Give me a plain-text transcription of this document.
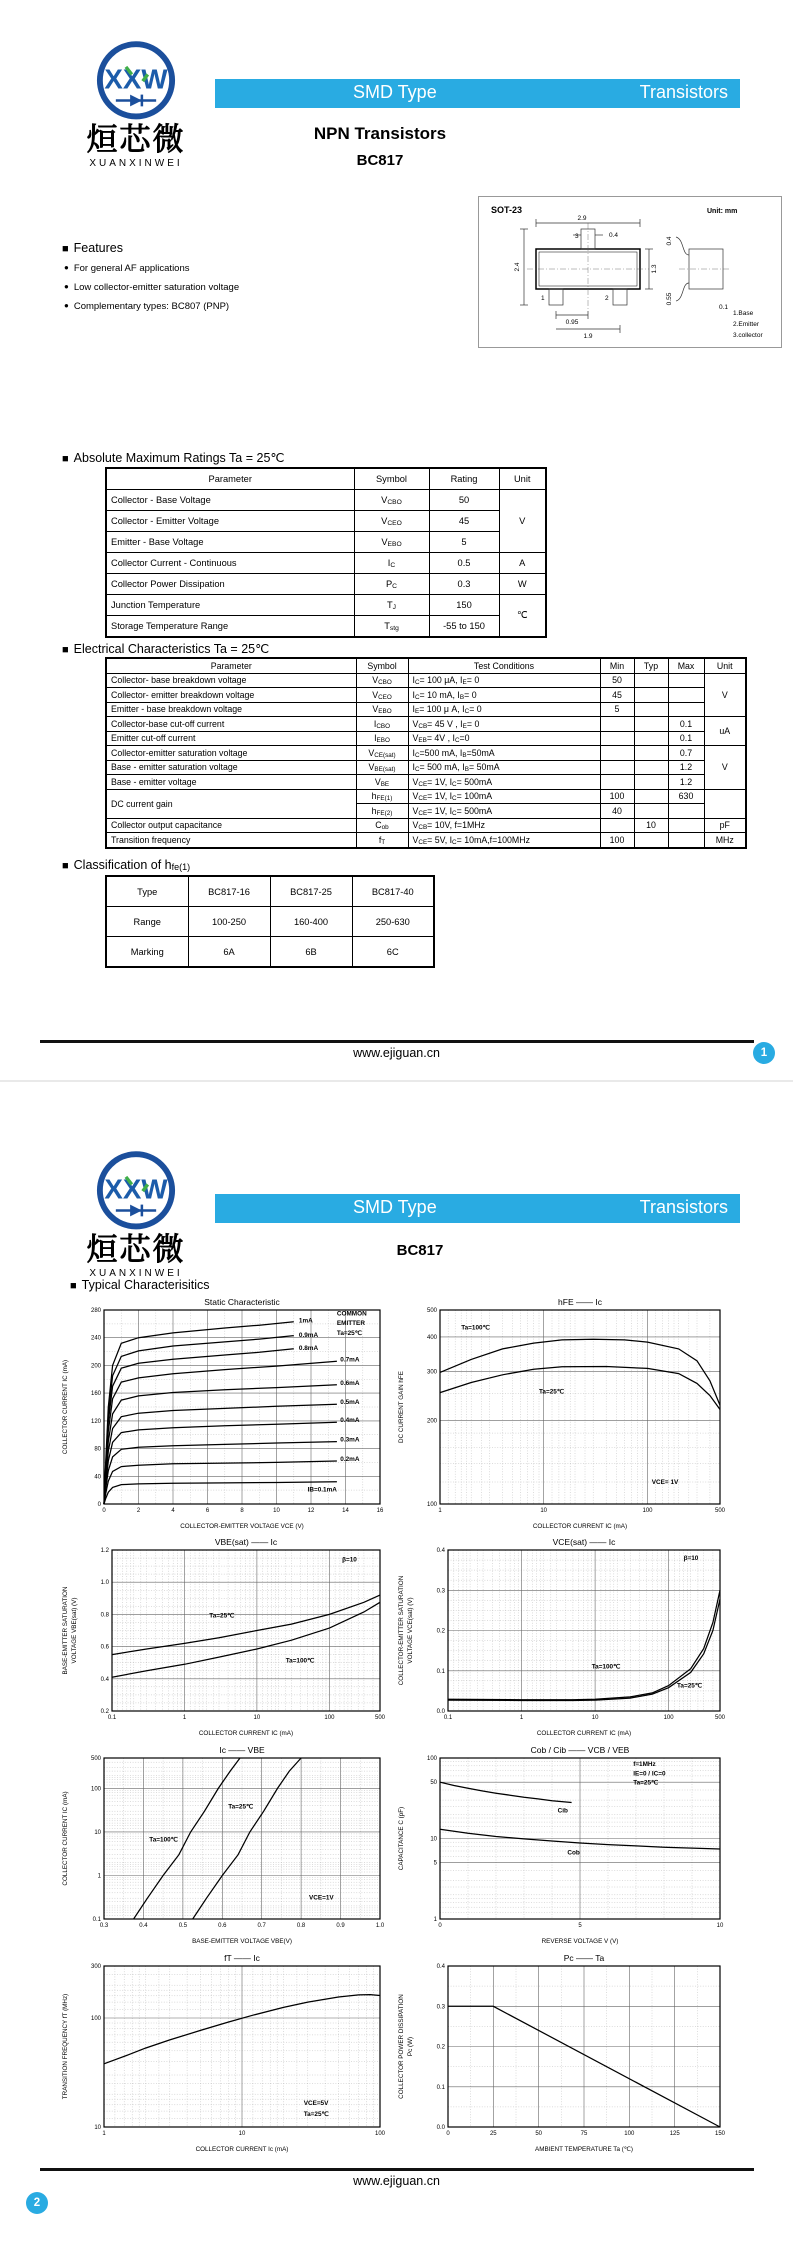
XXW
烜芯微
XUANXINWEI
SMD Type	Transistors
NPN Transistors
BC817
■ Features
● For general AF applications
● Low collector-emitter saturation voltage
● Complementary types: BC807 (PNP)
SOT-23	Unit: mm
3
1	2
2.9
0.4
2.4	1.3
0.95
1.9
0.4
0.55
0.1
1.Base
2.Emitter
3.collector
■ Absolute Maximum Ratings Ta = 25℃
Parameter	Symbol	Rating	Unit
Collector - Base Voltage	$V_{CBO}$	50	V
Collector - Emitter Voltage	$V_{CEO}$	45	
Emitter - Base Voltage	$V_{EBO}$	5	
Collector Current - Continuous	$I_C$	0.5	A
Collector Power Dissipation	$P_C$	0.3	W
Junction Temperature	$T_J$	150	℃
Storage Temperature Range	$T_{stg}$	-55 to 150	
■ Electrical Characteristics Ta = 25℃
Parameter	Symbol	Test Conditions	Min	Typ	Max	Unit
Collector- base breakdown voltage	$V_{CBO}$	$I_C= 100$ μA, $I_E= 0$	50			V
Collector- emitter breakdown voltage	$V_{CEO}$	$I_C= 10$ mA, $I_B= 0$	45			
Emitter - base breakdown voltage	$V_{EBO}$	$I_E= 100$ μ A, $I_C= 0$	5			
Collector-base cut-off current	$I_{CBO}$	$V_{CB}= 45$ V , $I_E= 0$			0.1	uA
Emitter cut-off current	$I_{EBO}$	$V_{EB}= 4V$ , $I_C=0$			0.1	
Collector-emitter saturation voltage	$V_{CE(sat)}$	$I_C=500$ mA, $I_B=50mA$			0.7	V
Base - emitter saturation voltage	$V_{BE(sat)}$	$I_C= 500$ mA, $I_B= 50mA$			1.2	
Base - emitter voltage	$V_{BE}$	$V_{CE}= 1V$, $I_C= 500mA$			1.2	
DC current gain	$h_{FE(1)}$	$V_{CE}= 1V$, $I_C= 100mA$	100		630	
	$h_{FE(2)}$	$V_{CE}= 1V$, $I_C= 500mA$	40			
Collector output capacitance	$C_{ob}$	$V_{CB}= 10V$, f=1MHz		10		pF
Transition frequency	$f_T$	$V_{CE}= 5V$, $I_C= 10mA,f=100MHz$	100			MHz
■ Classification of $h_{fe(1)}$
Type	BC817-16	BC817-25	BC817-40
Range	100-250	160-400	250-630
Marking	6A	6B	6C
www.ejiguan.cn	1
XXW
烜芯微
XUANXINWEI
SMD Type	Transistors
BC817
■ Typical Characterisitics
0	2	4	6	8	10	12	14	16
0
40
80
120
160
200
240
280
1mA
0.9mA
0.8mA
0.7mA
0.6mA
0.5mA
0.4mA
0.3mA
0.2mA
IB=0.1mA
COMMON
EMITTER
Ta=25℃
Static Characteristic
COLLECTOR-EMITTER VOLTAGE VCE (V)
COLLECTOR CURRENT IC (mA)
1	10	100	500
100
200
300
400
500
Ta=100℃
Ta=25℃
VCE= 1V
hFE —— Ic
COLLECTOR CURRENT IC (mA)
DC CURRENT GAIN hFE
0.1	1	10	100	500
0.2
0.4
0.6
0.8
1.0
1.2
Ta=25℃
Ta=100℃
β=10
VBE(sat) —— Ic
COLLECTOR CURRENT IC (mA)
BASE-EMITTER SATURATION VOLTAGE VBE(sat) (V)
0.1	1	10	100	500
0.0
0.1
0.2
0.3
0.4
Ta=100℃
Ta=25℃
β=10
VCE(sat) —— Ic
COLLECTOR CURRENT IC (mA)
COLLECTOR-EMITTER SATURATION VOLTAGE VCE(sat) (V)
0.3	0.4	0.5	0.6	0.7	0.8	0.9	1.0
0.1
1
10
100
500
Ta=100℃
Ta=25℃
VCE=1V
Ic —— VBE
BASE-EMITTER VOLTAGE VBE(V)
COLLECTOR CURRENT IC (mA)
0	5	10
1
5
10
50
100
Cib
Cob
f=1MHz
IE=0 / IC=0
Ta=25℃
Cob / Cib —— VCB / VEB
REVERSE VOLTAGE V (V)
CAPACITANCE C (pF)
1	10	100
10
100
300
VCE=5V
Ta=25℃
fT —— Ic
COLLECTOR CURRENT Ic (mA)
TRANSITION FREQUENCY fT (MHz)
0	25	50	75	100	125	150
0.0
0.1
0.2
0.3
0.4
Pc —— Ta
AMBIENT TEMPERATURE Ta (℃)
COLLECTOR POWER DISSIPATION Pc (W)
www.ejiguan.cn
2
